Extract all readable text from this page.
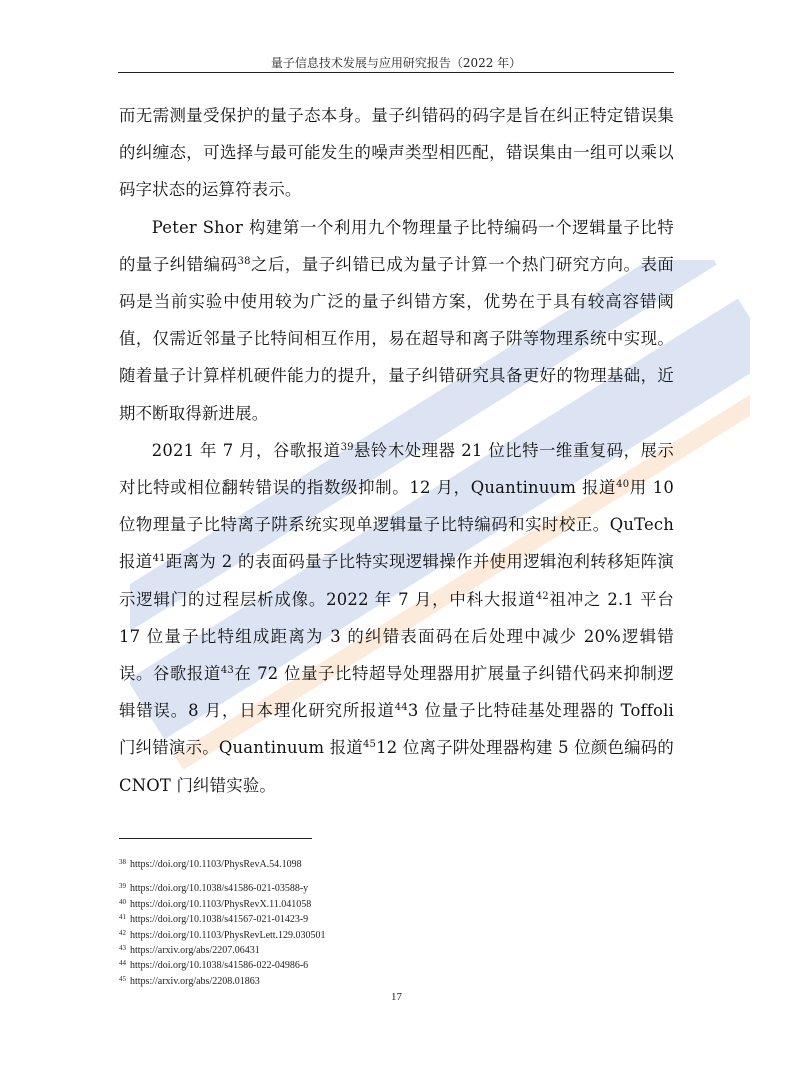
量子信息技术发展与应用研究报告（2022 年）

而无需测量受保护的量子态本身。量子纠错码的码字是旨在纠正特定错误集的纠缠态，可选择与最可能发生的噪声类型相匹配，错误集由一组可以乘以码字状态的运算符表示。

Peter Shor 构建第一个利用九个物理量子比特编码一个逻辑量子比特的量子纠错编码$^{38}$之后，量子纠错已成为量子计算一个热门研究方向。表面码是当前实验中使用较为广泛的量子纠错方案，优势在于具有较高容错阈值，仅需近邻量子比特间相互作用，易在超导和离子阱等物理系统中实现。随着量子计算样机硬件能力的提升，量子纠错研究具备更好的物理基础，近期不断取得新进展。

2021 年 7 月，谷歌报道$^{39}$悬铃木处理器 21 位比特一维重复码，展示对比特或相位翻转错误的指数级抑制。12 月，Quantinuum 报道$^{40}$用 10 位物理量子比特离子阱系统实现单逻辑量子比特编码和实时校正。QuTech 报道$^{41}$距离为 2 的表面码量子比特实现逻辑操作并使用逻辑泡利转移矩阵演示逻辑门的过程层析成像。2022 年 7 月，中科大报道$^{42}$祖冲之 2.1 平台 17 位量子比特组成距离为 3 的纠错表面码在后处理中减少 20%逻辑错误。谷歌报道$^{43}$在 72 位量子比特超导处理器用扩展量子纠错代码来抑制逻辑错误。8 月，日本理化研究所报道$^{44}$3 位量子比特硅基处理器的 Toffoli 门纠错演示。Quantinuum 报道$^{45}$12 位离子阱处理器构建 5 位颜色编码的 CNOT 门纠错实验。

$^{38}$ https://doi.org/10.1103/PhysRevA.54.1098
$^{39}$ https://doi.org/10.1038/s41586-021-03588-y
$^{40}$ https://doi.org/10.1103/PhysRevX.11.041058
$^{41}$ https://doi.org/10.1038/s41567-021-01423-9
$^{42}$ https://doi.org/10.1103/PhysRevLett.129.030501
$^{43}$ https://arxiv.org/abs/2207.06431
$^{44}$ https://doi.org/10.1038/s41586-022-04986-6
$^{45}$ https://arxiv.org/abs/2208.01863
17
